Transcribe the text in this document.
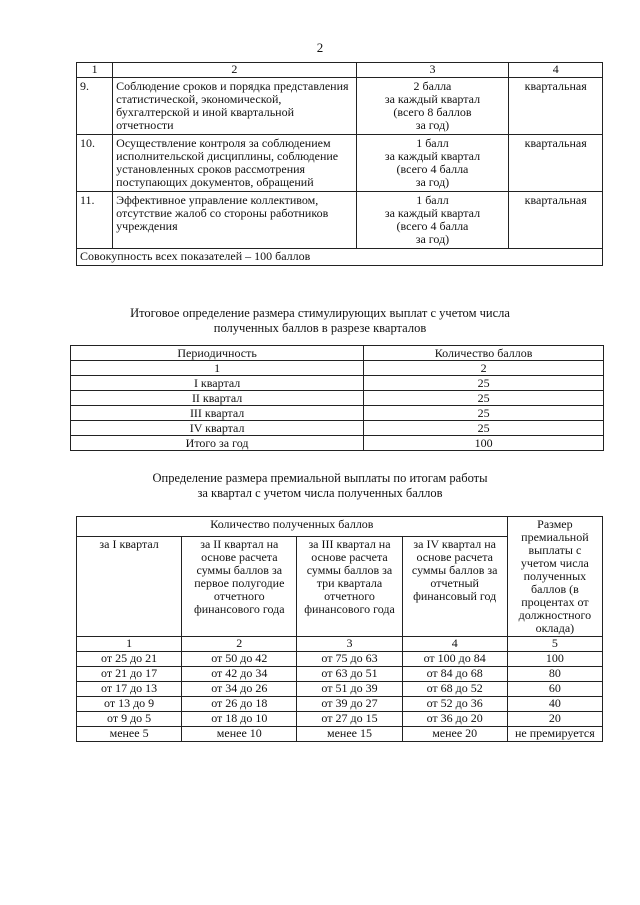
2
1	2	3	4
9.	Соблюдение сроков и порядка представления статистической, экономической, бухгалтерской и иной квартальной отчетности	2 балла
за каждый квартал
(всего 8 баллов
за год)	квартальная
10.	Осуществление контроля за соблюдением исполнительской дисциплины, соблюдение установленных сроков рассмотрения поступающих документов, обращений	1 балл
за каждый квартал
(всего 4 балла
за год)	квартальная
11.	Эффективное управление коллективом, отсутствие жалоб со стороны работников учреждения	1 балл
за каждый квартал
(всего 4 балла
за год)	квартальная
Совокупность всех показателей – 100 баллов			
Итоговое определение размера стимулирующих выплат с учетом числа
полученных баллов в разрезе кварталов
Периодичность	Количество баллов
1	2
I квартал	25
II квартал	25
III квартал	25
IV квартал	25
Итого за год	100
Определение размера премиальной выплаты по итогам работы
за квартал с учетом числа полученных баллов
Количество полученных баллов				Размер премиальной выплаты с учетом числа полученных баллов (в процентах от должностного оклада)
за I квартал	за II квартал на основе расчета суммы баллов за первое полугодие отчетного финансового года	за III квартал на основе расчета суммы баллов за три квартала отчетного финансового года	за IV квартал на основе расчета суммы баллов за отчетный финансовый год	
1	2	3	4	5
от 25 до 21	от 50 до 42	от 75 до 63	от 100 до 84	100
от 21 до 17	от 42 до 34	от 63 до 51	от 84 до 68	80
от 17 до 13	от 34 до 26	от 51 до 39	от 68 до 52	60
от 13 до 9	от 26 до 18	от 39 до 27	от 52 до 36	40
от 9 до 5	от 18 до 10	от 27 до 15	от 36 до 20	20
менее 5	менее 10	менее 15	менее 20	не премируется
